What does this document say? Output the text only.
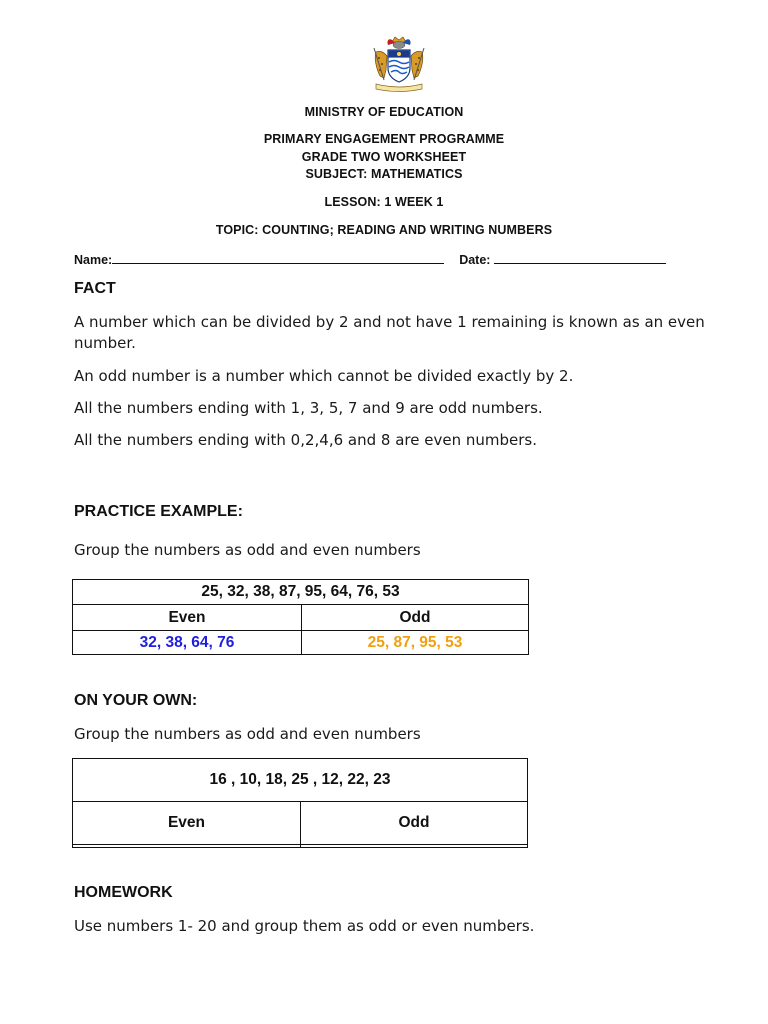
MINISTRY OF EDUCATION
PRIMARY ENGAGEMENT PROGRAMME
GRADE TWO WORKSHEET
SUBJECT: MATHEMATICS
LESSON: 1 WEEK 1
TOPIC: COUNTING; READING AND WRITING NUMBERS
Name:	Date:
FACT
A number which can be divided by 2 and not have 1 remaining is known as an even number.
An odd number is a number which cannot be divided exactly by 2.
All the numbers ending with 1, 3, 5, 7 and 9 are odd numbers.
All the numbers ending with 0,2,4,6 and 8 are even numbers.
PRACTICE EXAMPLE:
Group the numbers as odd and even numbers
25, 32, 38, 87, 95, 64, 76, 53	
Even	Odd
32, 38, 64, 76	25, 87, 95, 53
ON YOUR OWN:
Group the numbers as odd and even numbers
16 , 10, 18, 25 , 12, 22, 23	
Even	Odd

HOMEWORK
Use numbers 1- 20 and group them as odd or even numbers.
